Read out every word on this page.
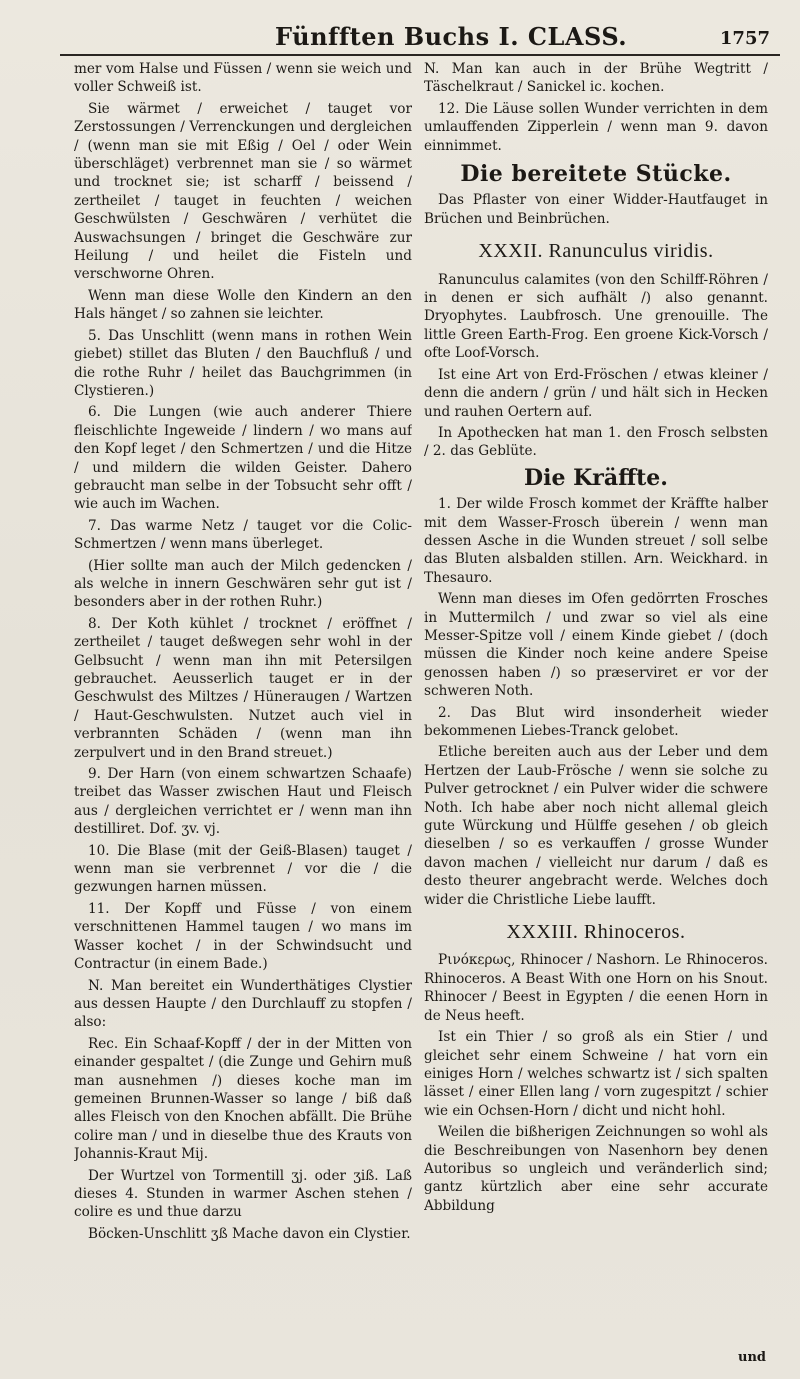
Fünfften Buchs I. CLASS.	1757

mer vom Halse und Füssen / wenn sie weich und voller Schweiß ist.

Sie wärmet / erweichet / tauget vor Zerstossungen / Verrenckungen und dergleichen / (wenn man sie mit Eßig / Oel / oder Wein überschläget) verbrennet man sie / so wärmet und trocknet sie; ist scharff / beissend / zertheilet / tauget in feuchten / weichen Geschwülsten / Geschwären / verhütet die Auswachsungen / bringet die Geschwäre zur Heilung / und heilet die Fisteln und verschworne Ohren.

Wenn man diese Wolle den Kindern an den Hals hänget / so zahnen sie leichter.

5. Das Unschlitt (wenn mans in rothen Wein giebet) stillet das Bluten / den Bauchfluß / und die rothe Ruhr / heilet das Bauchgrimmen (in Clystieren.)

6. Die Lungen (wie auch anderer Thiere fleischlichte Ingeweide / lindern / wo mans auf den Kopf leget / den Schmertzen / und die Hitze / und mildern die wilden Geister. Dahero gebraucht man selbe in der Tobsucht sehr offt / wie auch im Wachen.

7. Das warme Netz / tauget vor die Colic-Schmertzen / wenn mans überleget.

(Hier sollte man auch der Milch gedencken / als welche in innern Geschwären sehr gut ist / besonders aber in der rothen Ruhr.)

8. Der Koth kühlet / trocknet / eröffnet / zertheilet / tauget deßwegen sehr wohl in der Gelbsucht / wenn man ihn mit Petersilgen gebrauchet. Aeusserlich tauget er in der Geschwulst des Miltzes / Hüneraugen / Wartzen / Haut-Geschwulsten. Nutzet auch viel in verbrannten Schäden / (wenn man ihn zerpulvert und in den Brand streuet.)

9. Der Harn (von einem schwartzen Schaafe) treibet das Wasser zwischen Haut und Fleisch aus / dergleichen verrichtet er / wenn man ihn destilliret. Dof. ʒv. vj.

10. Die Blase (mit der Geiß-Blasen) tauget / wenn man sie verbrennet / vor die / die gezwungen harnen müssen.

11. Der Kopff und Füsse / von einem verschnittenen Hammel taugen / wo mans im Wasser kochet / in der Schwindsucht und Contractur (in einem Bade.)

N. Man bereitet ein Wunderthätiges Clystier aus dessen Haupte / den Durchlauff zu stopfen / also:

Rec. Ein Schaaf-Kopff / der in der Mitten von einander gespaltet / (die Zunge und Gehirn muß man ausnehmen /) dieses koche man im gemeinen Brunnen-Wasser so lange / biß daß alles Fleisch von den Knochen abfällt. Die Brühe colire man / und in dieselbe thue des Krauts von Johannis-Kraut Mij.

Der Wurtzel von Tormentill ʒj. oder ʒiß. Laß dieses 4. Stunden in warmer Aschen stehen / colire es und thue darzu

Böcken-Unschlitt ʒß Mache davon ein Clystier.

N. Man kan auch in der Brühe Wegtritt / Täschelkraut / Sanickel ic. kochen.

12. Die Läuse sollen Wunder verrichten in dem umlauffenden Zipperlein / wenn man 9. davon einnimmet.

Die bereitete Stücke.

Das Pflaster von einer Widder-Hautfauget in Brüchen und Beinbrüchen.

XXXII. Ranunculus viridis.

Ranunculus calamites (von den Schilff-Röhren / in denen er sich aufhält /) also genannt. Dryophytes. Laubfrosch. Une grenouille. The little Green Earth-Frog. Een groene Kick-Vorsch / ofte Loof-Vorsch.

Ist eine Art von Erd-Fröschen / etwas kleiner / denn die andern / grün / und hält sich in Hecken und rauhen Oertern auf.

In Apothecken hat man 1. den Frosch selbsten / 2. das Geblüte.

Die Kräffte.

1. Der wilde Frosch kommet der Kräffte halber mit dem Wasser-Frosch überein / wenn man dessen Asche in die Wunden streuet / soll selbe das Bluten alsbalden stillen. Arn. Weickhard. in Thesauro.

Wenn man dieses im Ofen gedörrten Frosches in Muttermilch / und zwar so viel als eine Messer-Spitze voll / einem Kinde giebet / (doch müssen die Kinder noch keine andere Speise genossen haben /) so præserviret er vor der schweren Noth.

2. Das Blut wird insonderheit wieder bekommenen Liebes-Tranck gelobet.

Etliche bereiten auch aus der Leber und dem Hertzen der Laub-Frösche / wenn sie solche zu Pulver getrocknet / ein Pulver wider die schwere Noth. Ich habe aber noch nicht allemal gleich gute Würckung und Hülffe gesehen / ob gleich dieselben / so es verkauffen / grosse Wunder davon machen / vielleicht nur darum / daß es desto theurer angebracht werde. Welches doch wider die Christliche Liebe laufft.

XXXIII. Rhinoceros.

Ρινόκερως, Rhinocer / Nashorn. Le Rhinoceros. Rhinoceros. A Beast With one Horn on his Snout. Rhinocer / Beest in Egypten / die eenen Horn in de Neus heeft.

Ist ein Thier / so groß als ein Stier / und gleichet sehr einem Schweine / hat vorn ein einiges Horn / welches schwartz ist / sich spalten lässet / einer Ellen lang / vorn zugespitzt / schier wie ein Ochsen-Horn / dicht und nicht hohl.

Weilen die bißherigen Zeichnungen so wohl als die Beschreibungen von Nasenhorn bey denen Autoribus so ungleich und veränderlich sind; gantz kürtzlich aber eine sehr accurate Abbildung

und
